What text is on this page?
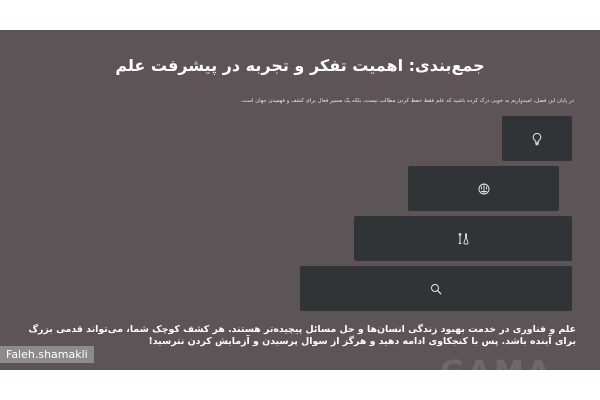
جمع‌بندی: اهمیت تفکر و تجربه در پیشرفت علم
در پایان این فصل، امیدواریم به خوبی درک کرده باشید که علم فقط حفظ کردن مطالب نیست، بلکه یک مسیر فعال برای کشف و فهمیدن جهان است.
علم و فناوری در خدمت بهبود زندگی انسان‌ها و حل مسائل پیچیده‌تر هستند. هر کشف کوچک شما، می‌تواند قدمی بزرگ برای آینده باشد. پس با کنجکاوی ادامه دهید و هرگز از سوال پرسیدن و آزمایش کردن نترسید!
Faleh.shamakli
